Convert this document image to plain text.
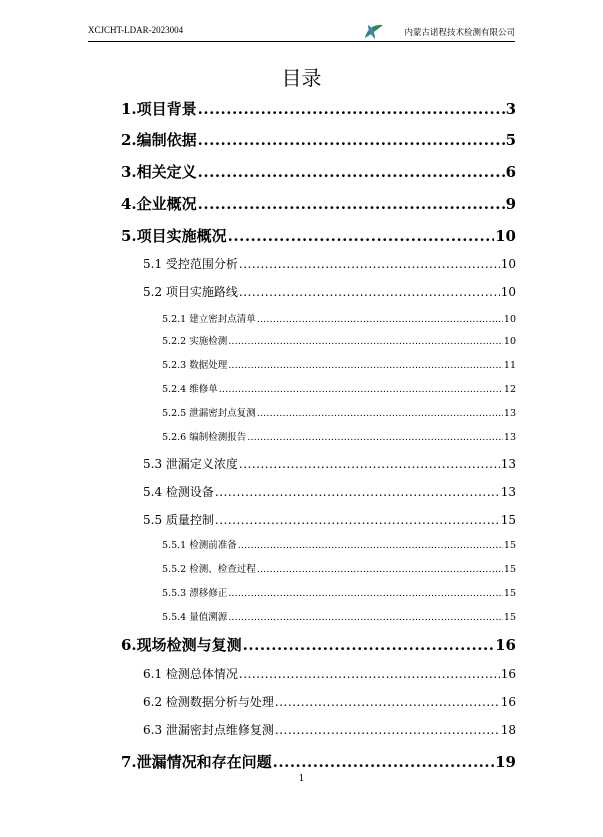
XCJCHT-LDAR-2023004	内蒙古诺程技术检测有限公司
目录
1.项目背景 .....	3
2.编制依据 .....	5
3.相关定义 .....	6
4.企业概况 .....	9
5.项目实施概况 .....	10
5.1 受控范围分析 .....	10
5.2 项目实施路线 .....	10
5.2.1 建立密封点清单 .....	10
5.2.2 实施检测 .....	10
5.2.3 数据处理 .....	11
5.2.4 维修单 .....	12
5.2.5 泄漏密封点复测 .....	13
5.2.6 编制检测报告 .....	13
5.3 泄漏定义浓度 .....	13
5.4 检测设备 .....	13
5.5 质量控制 .....	15
5.5.1 检测前准备 .....	15
5.5.2 检测、检查过程 .....	15
5.5.3 漂移修正 .....	15
5.5.4 量值溯源 .....	15
6.现场检测与复测 .....	16
6.1 检测总体情况 .....	16
6.2 检测数据分析与处理 .....	16
6.3 泄漏密封点维修复测 .....	18
7.泄漏情况和存在问题 .....	19
1
